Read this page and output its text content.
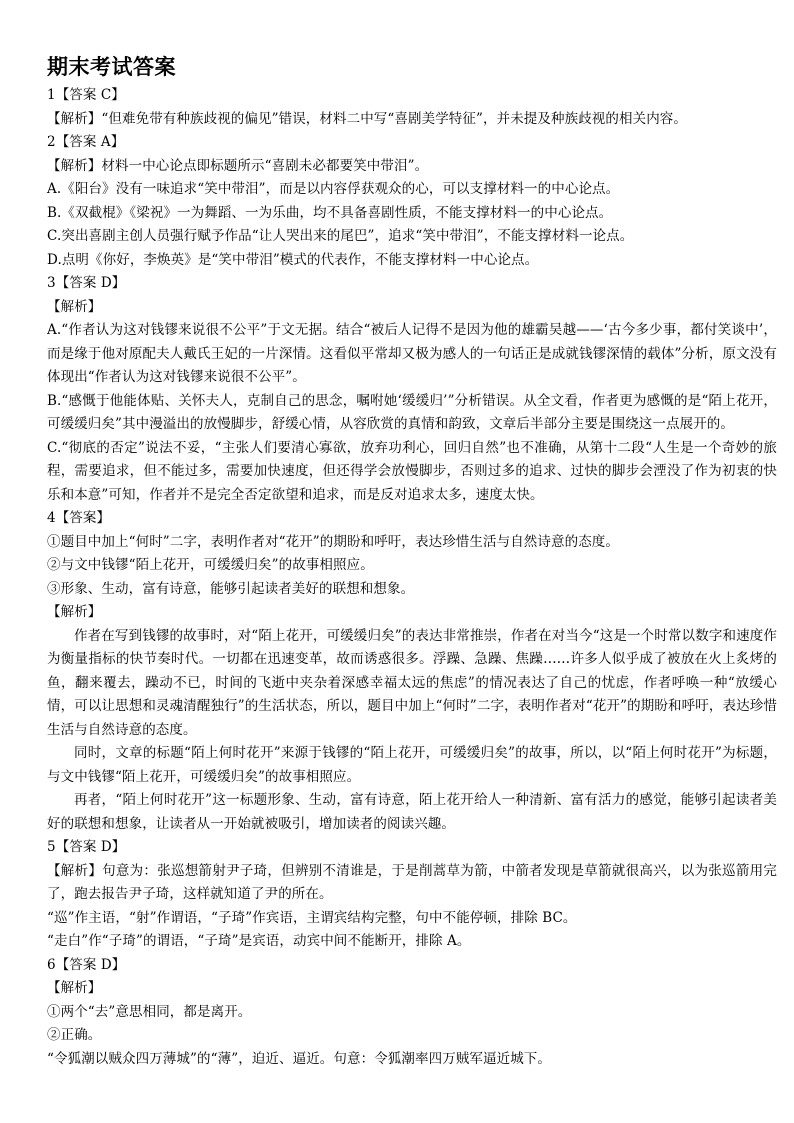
期末考试答案

1【答案 C】

【解析】“但难免带有种族歧视的偏见”错误，材料二中写“喜剧美学特征”，并未提及种族歧视的相关内容。

2【答案 A】

【解析】材料一中心论点即标题所示“喜剧未必都要笑中带泪”。

A.《阳台》没有一味追求“笑中带泪”，而是以内容俘获观众的心，可以支撑材料一的中心论点。

B.《双截棍》《梁祝》一为舞蹈、一为乐曲，均不具备喜剧性质，不能支撑材料一的中心论点。

C.突出喜剧主创人员强行赋予作品“让人哭出来的尾巴”，追求“笑中带泪”，不能支撑材料一论点。

D.点明《你好，李焕英》是“笑中带泪”模式的代表作，不能支撑材料一中心论点。

3【答案 D】

【解析】

A.“作者认为这对钱镠来说很不公平”于文无据。结合“被后人记得不是因为他的雄霸吴越——‘古今多少事，都付笑谈中’，而是缘于他对原配夫人戴氏王妃的一片深情。这看似平常却又极为感人的一句话正是成就钱镠深情的载体”分析，原文没有体现出“作者认为这对钱镠来说很不公平”。

B.“感慨于他能体贴、关怀夫人，克制自己的思念，嘱咐她‘缓缓归’”分析错误。从全文看，作者更为感慨的是“陌上花开，可缓缓归矣”其中漫溢出的放慢脚步，舒缓心情，从容欣赏的真情和韵致，文章后半部分主要是围绕这一点展开的。

C.“彻底的否定”说法不妥，“主张人们要清心寡欲，放弃功利心，回归自然”也不准确，从第十二段“人生是一个奇妙的旅程，需要追求，但不能过多，需要加快速度，但还得学会放慢脚步，否则过多的追求、过快的脚步会湮没了作为初衷的快乐和本意”可知，作者并不是完全否定欲望和追求，而是反对追求太多，速度太快。

4【答案】

①题目中加上“何时”二字，表明作者对“花开”的期盼和呼吁，表达珍惜生活与自然诗意的态度。

②与文中钱镠“陌上花开，可缓缓归矣”的故事相照应。

③形象、生动，富有诗意，能够引起读者美好的联想和想象。

【解析】

作者在写到钱镠的故事时，对“陌上花开，可缓缓归矣”的表达非常推崇，作者在对当今“这是一个时常以数字和速度作为衡量指标的快节奏时代。一切都在迅速变革，故而诱惑很多。浮躁、急躁、焦躁……许多人似乎成了被放在火上炙烤的鱼，翻来覆去，躁动不已，时间的飞逝中夹杂着深感幸福太远的焦虑”的情况表达了自己的忧虑，作者呼唤一种“放缓心情，可以让思想和灵魂清醒独行”的生活状态，所以，题目中加上“何时”二字，表明作者对“花开”的期盼和呼吁，表达珍惜生活与自然诗意的态度。

同时，文章的标题“陌上何时花开”来源于钱镠的“陌上花开，可缓缓归矣”的故事，所以，以“陌上何时花开”为标题，与文中钱镠“陌上花开，可缓缓归矣”的故事相照应。

再者，“陌上何时花开”这一标题形象、生动，富有诗意，陌上花开给人一种清新、富有活力的感觉，能够引起读者美好的联想和想象，让读者从一开始就被吸引，增加读者的阅读兴趣。

5【答案 D】

【解析】句意为：张巡想箭射尹子琦，但辨别不清谁是，于是削蒿草为箭，中箭者发现是草箭就很高兴，以为张巡箭用完了，跑去报告尹子琦，这样就知道了尹的所在。

“巡”作主语，“射”作谓语，“子琦”作宾语，主谓宾结构完整，句中不能停顿，排除 BC。

“走白”作“子琦”的谓语，“子琦”是宾语，动宾中间不能断开，排除 A。

6【答案 D】

【解析】

①两个“去”意思相同，都是离开。

②正确。

“令狐潮以贼众四万薄城”的“薄”，迫近、逼近。句意：令狐潮率四万贼军逼近城下。
